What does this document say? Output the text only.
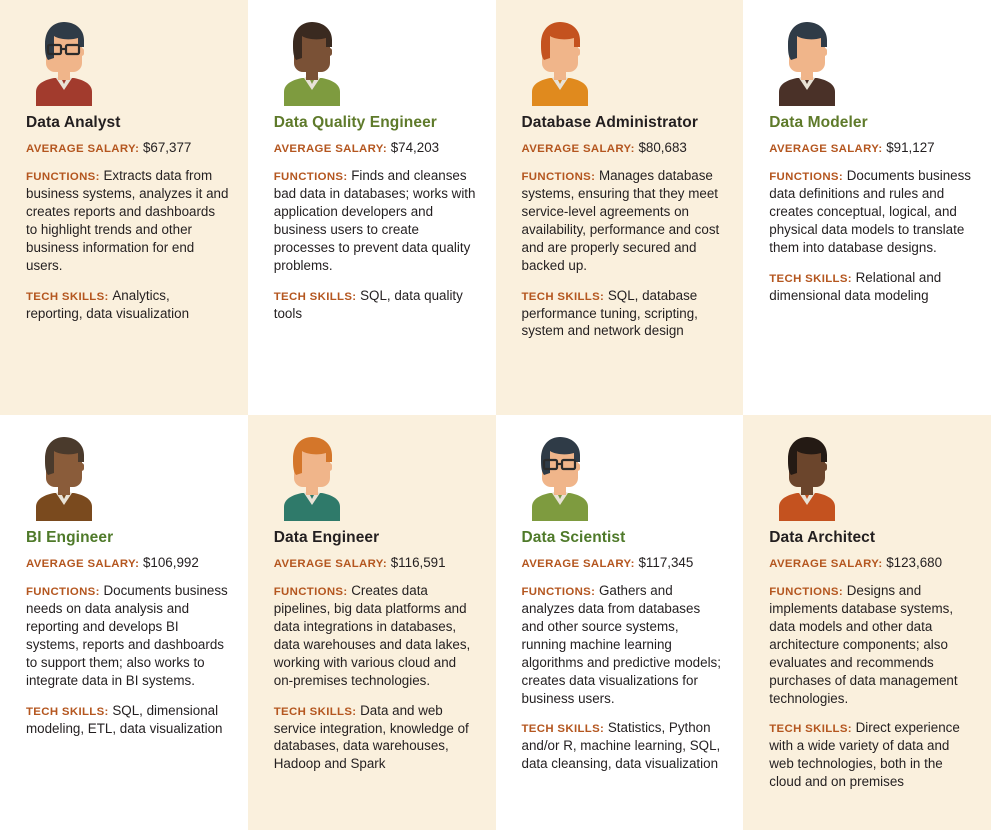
Data Analyst
AVERAGE SALARY: $67,377
FUNCTIONS: Extracts data from business systems, analyzes it and creates reports and dashboards to highlight trends and other business information for end users.
TECH SKILLS: Analytics, reporting, data visualization
Data Quality Engineer
AVERAGE SALARY: $74,203
FUNCTIONS: Finds and cleanses bad data in databases; works with application developers and business users to create processes to prevent data quality problems.
TECH SKILLS: SQL, data quality tools
Database Administrator
AVERAGE SALARY: $80,683
FUNCTIONS: Manages database systems, ensuring that they meet service-level agreements on availability, performance and cost and are properly secured and backed up.
TECH SKILLS: SQL, database performance tuning, scripting, system and network design
Data Modeler
AVERAGE SALARY: $91,127
FUNCTIONS: Documents business data definitions and rules and creates conceptual, logical, and physical data models to translate them into database designs.
TECH SKILLS: Relational and dimensional data modeling
BI Engineer
AVERAGE SALARY: $106,992
FUNCTIONS: Documents business needs on data analysis and reporting and develops BI systems, reports and dashboards to support them; also works to integrate data in BI systems.
TECH SKILLS: SQL, dimensional modeling, ETL, data visualization
Data Engineer
AVERAGE SALARY: $116,591
FUNCTIONS: Creates data pipelines, big data platforms and data integrations in databases, data warehouses and data lakes, working with various cloud and on-premises technologies.
TECH SKILLS: Data and web service integration, knowledge of databases, data warehouses, Hadoop and Spark
Data Scientist
AVERAGE SALARY: $117,345
FUNCTIONS: Gathers and analyzes data from databases and other source systems, running machine learning algorithms and predictive models; creates data visualizations for business users.
TECH SKILLS: Statistics, Python and/or R, machine learning, SQL, data cleansing, data visualization
Data Architect
AVERAGE SALARY: $123,680
FUNCTIONS: Designs and implements database systems, data models and other data architecture components; also evaluates and recommends purchases of data management technologies.
TECH SKILLS: Direct experience with a wide variety of data and web technologies, both in the cloud and on premises
